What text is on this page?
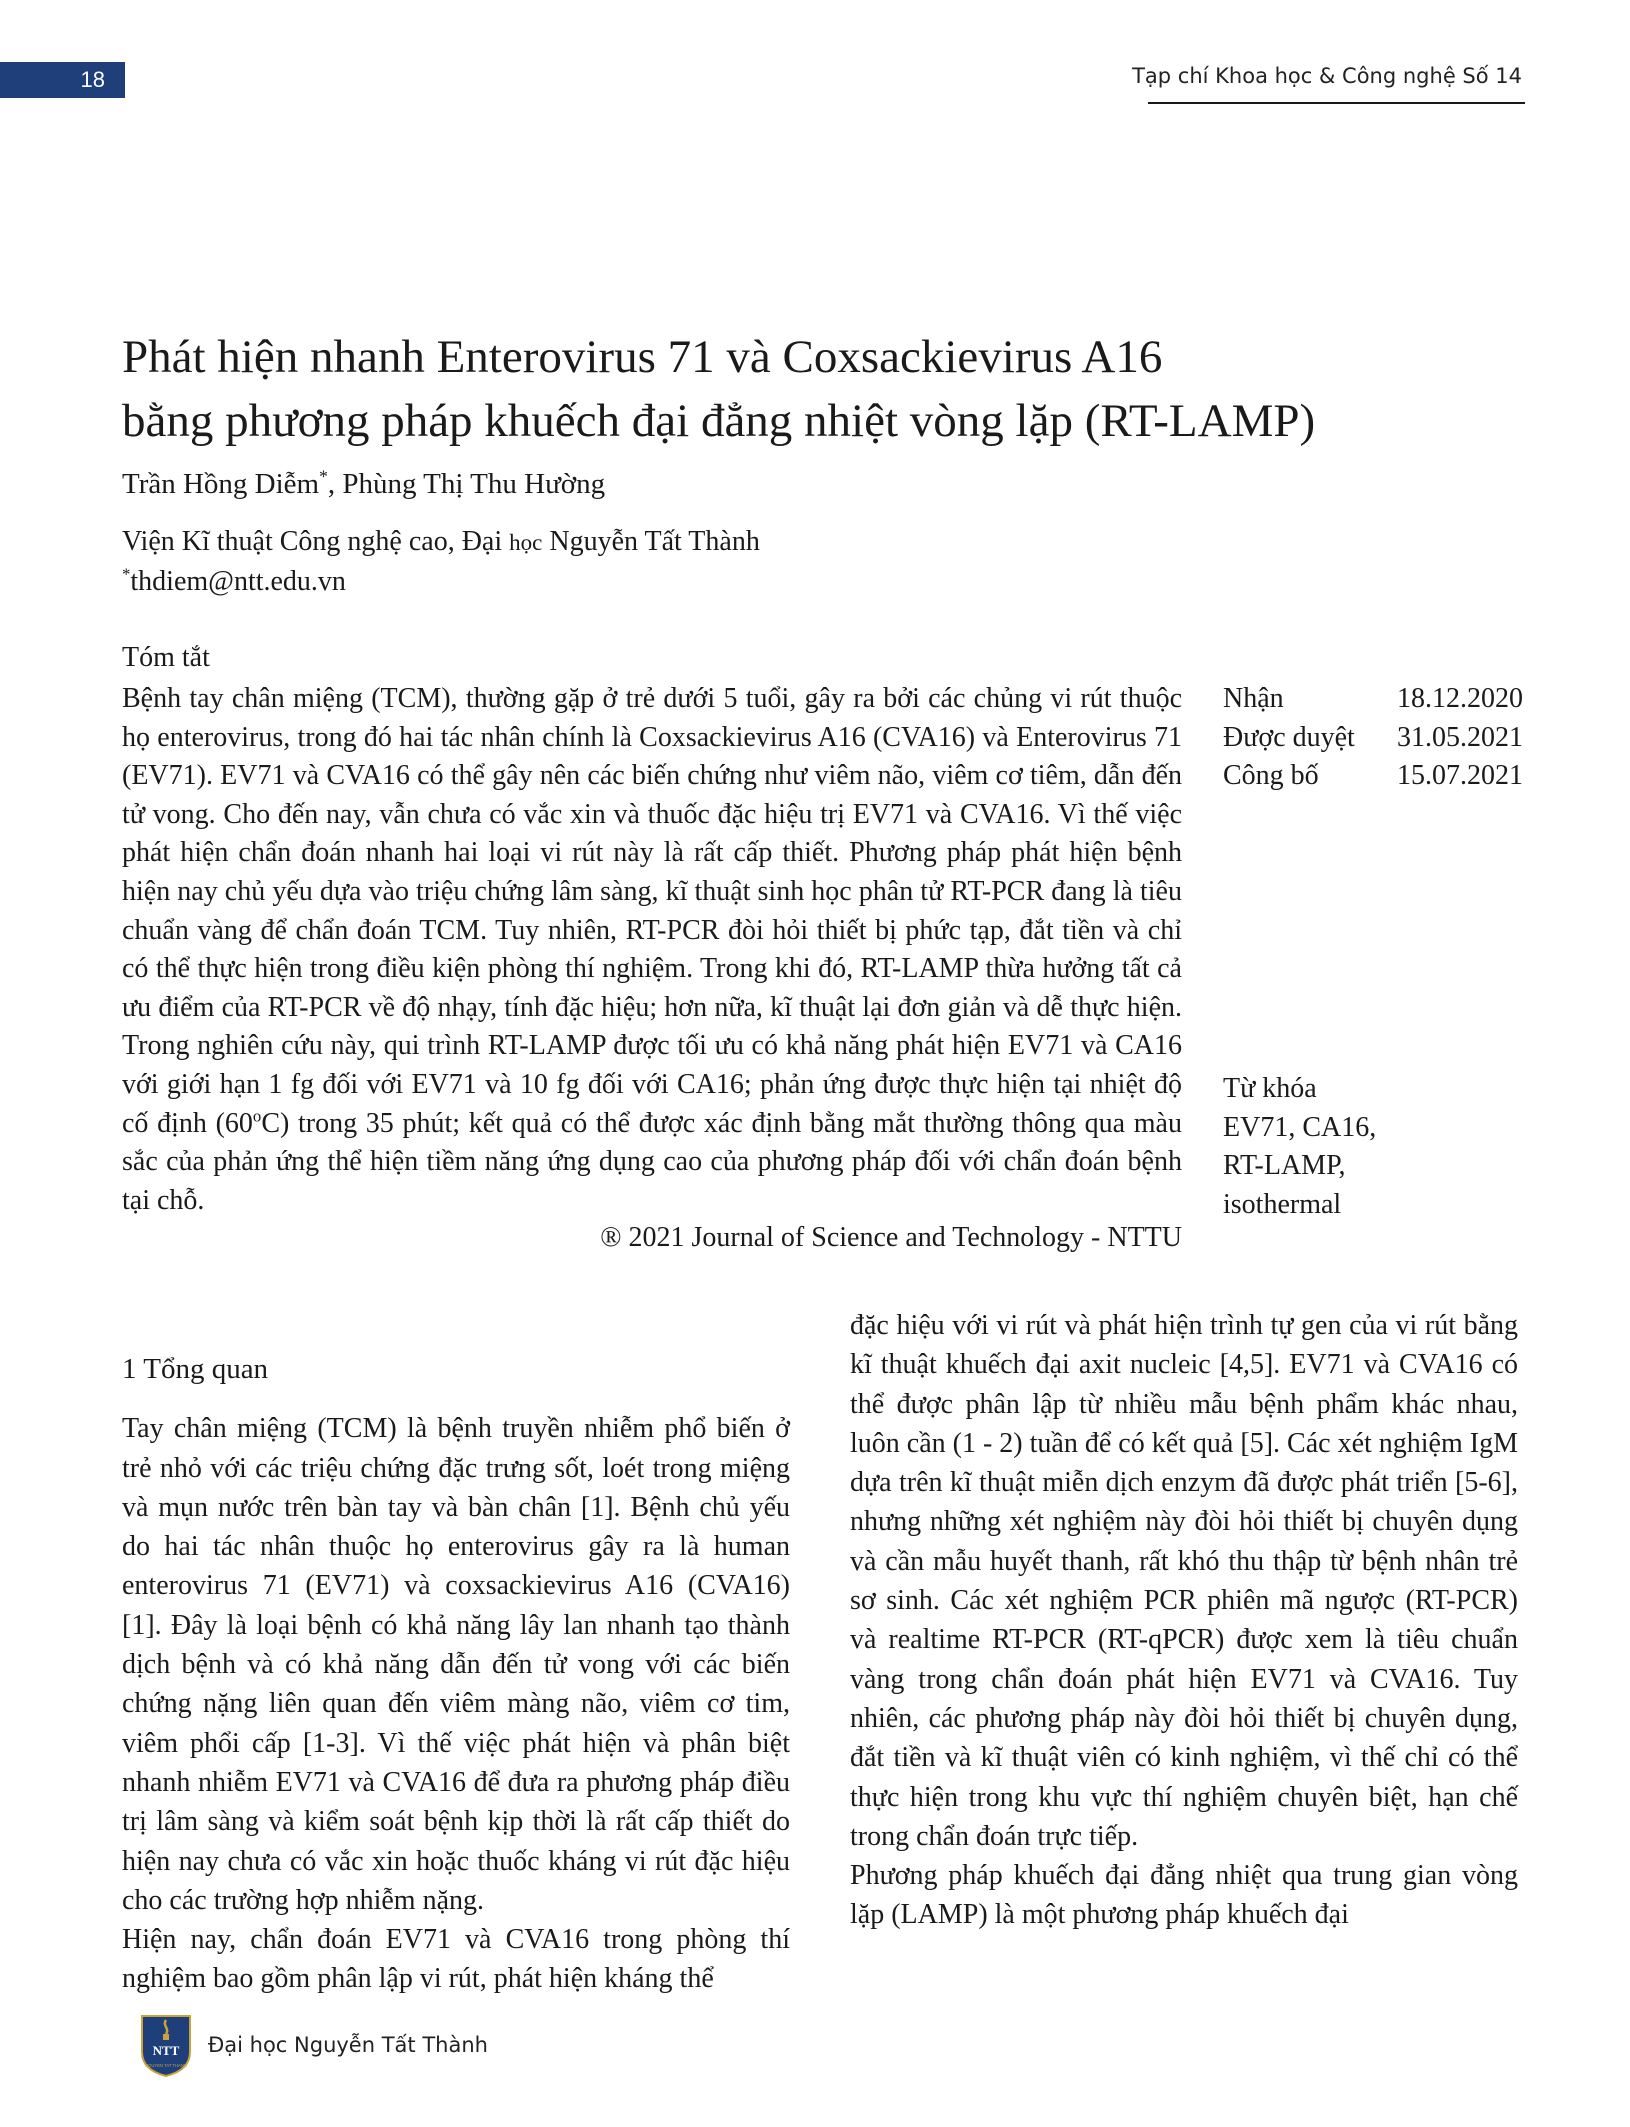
18	Tạp chí Khoa học & Công nghệ Số 14
Phát hiện nhanh Enterovirus 71 và Coxsackievirus A16
bằng phương pháp khuếch đại đẳng nhiệt vòng lặp (RT-LAMP)
Trần Hồng Diễm*, Phùng Thị Thu Hường
Viện Kĩ thuật Công nghệ cao, Đại học Nguyễn Tất Thành
*thdiem@ntt.edu.vn
Tóm tắt
Bệnh tay chân miệng (TCM), thường gặp ở trẻ dưới 5 tuổi, gây ra bởi các chủng vi rút thuộc họ enterovirus, trong đó hai tác nhân chính là Coxsackievirus A16 (CVA16) và Enterovirus 71 (EV71). EV71 và CVA16 có thể gây nên các biến chứng như viêm não, viêm cơ tiêm, dẫn đến tử vong. Cho đến nay, vẫn chưa có vắc xin và thuốc đặc hiệu trị EV71 và CVA16. Vì thế việc phát hiện chẩn đoán nhanh hai loại vi rút này là rất cấp thiết. Phương pháp phát hiện bệnh hiện nay chủ yếu dựa vào triệu chứng lâm sàng, kĩ thuật sinh học phân tử RT-PCR đang là tiêu chuẩn vàng để chẩn đoán TCM. Tuy nhiên, RT-PCR đòi hỏi thiết bị phức tạp, đắt tiền và chỉ có thể thực hiện trong điều kiện phòng thí nghiệm. Trong khi đó, RT-LAMP thừa hưởng tất cả ưu điểm của RT-PCR về độ nhạy, tính đặc hiệu; hơn nữa, kĩ thuật lại đơn giản và dễ thực hiện. Trong nghiên cứu này, qui trình RT-LAMP được tối ưu có khả năng phát hiện EV71 và CA16 với giới hạn 1 fg đối với EV71 và 10 fg đối với CA16; phản ứng được thực hiện tại nhiệt độ cố định (60$^o$C) trong 35 phút; kết quả có thể được xác định bằng mắt thường thông qua màu sắc của phản ứng thể hiện tiềm năng ứng dụng cao của phương pháp đối với chẩn đoán bệnh tại chỗ.
® 2021 Journal of Science and Technology - NTTU
Nhận	18.12.2020
Được duyệt	31.05.2021
Công bố	15.07.2021
Từ khóa
EV71, CA16,
RT-LAMP,
isothermal
1 Tổng quan

Tay chân miệng (TCM) là bệnh truyền nhiễm phổ biến ở trẻ nhỏ với các triệu chứng đặc trưng sốt, loét trong miệng và mụn nước trên bàn tay và bàn chân [1]. Bệnh chủ yếu do hai tác nhân thuộc họ enterovirus gây ra là human enterovirus 71 (EV71) và coxsackievirus A16 (CVA16) [1]. Đây là loại bệnh có khả năng lây lan nhanh tạo thành dịch bệnh và có khả năng dẫn đến tử vong với các biến chứng nặng liên quan đến viêm màng não, viêm cơ tim, viêm phổi cấp [1-3]. Vì thế việc phát hiện và phân biệt nhanh nhiễm EV71 và CVA16 để đưa ra phương pháp điều trị lâm sàng và kiểm soát bệnh kịp thời là rất cấp thiết do hiện nay chưa có vắc xin hoặc thuốc kháng vi rút đặc hiệu cho các trường hợp nhiễm nặng.

Hiện nay, chẩn đoán EV71 và CVA16 trong phòng thí nghiệm bao gồm phân lập vi rút, phát hiện kháng thể

đặc hiệu với vi rút và phát hiện trình tự gen của vi rút bằng kĩ thuật khuếch đại axit nucleic [4,5]. EV71 và CVA16 có thể được phân lập từ nhiều mẫu bệnh phẩm khác nhau, luôn cần (1 - 2) tuần để có kết quả [5]. Các xét nghiệm IgM dựa trên kĩ thuật miễn dịch enzym đã được phát triển [5-6], nhưng những xét nghiệm này đòi hỏi thiết bị chuyên dụng và cần mẫu huyết thanh, rất khó thu thập từ bệnh nhân trẻ sơ sinh. Các xét nghiệm PCR phiên mã ngược (RT-PCR) và realtime RT-PCR (RT-qPCR) được xem là tiêu chuẩn vàng trong chẩn đoán phát hiện EV71 và CVA16. Tuy nhiên, các phương pháp này đòi hỏi thiết bị chuyên dụng, đắt tiền và kĩ thuật viên có kinh nghiệm, vì thế chỉ có thể thực hiện trong khu vực thí nghiệm chuyên biệt, hạn chế trong chẩn đoán trực tiếp.

Phương pháp khuếch đại đẳng nhiệt qua trung gian vòng lặp (LAMP) là một phương pháp khuếch đại

NTT
NGUYEN TAT THANH
Đại học Nguyễn Tất Thành
